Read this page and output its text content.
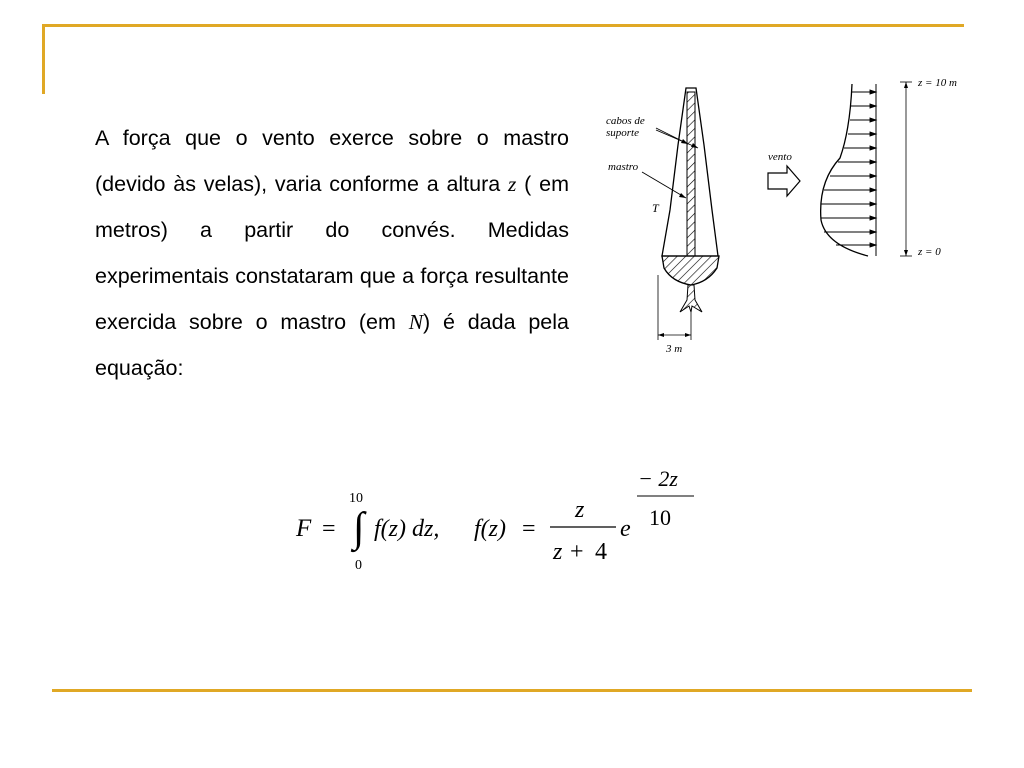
A força que o vento exerce sobre o mastro (devido às velas), varia conforme a altura z ( em metros) a partir do convés. Medidas experimentais constataram que a força resultante exercida sobre o mastro (em N) é dada pela equação:
cabos de
suporte
mastro
T
3 m
vento
z = 10 m
z = 0
F =
10
∫
0
f(z) dz, f(z) =
z
z + 4
e
− 2z
10
